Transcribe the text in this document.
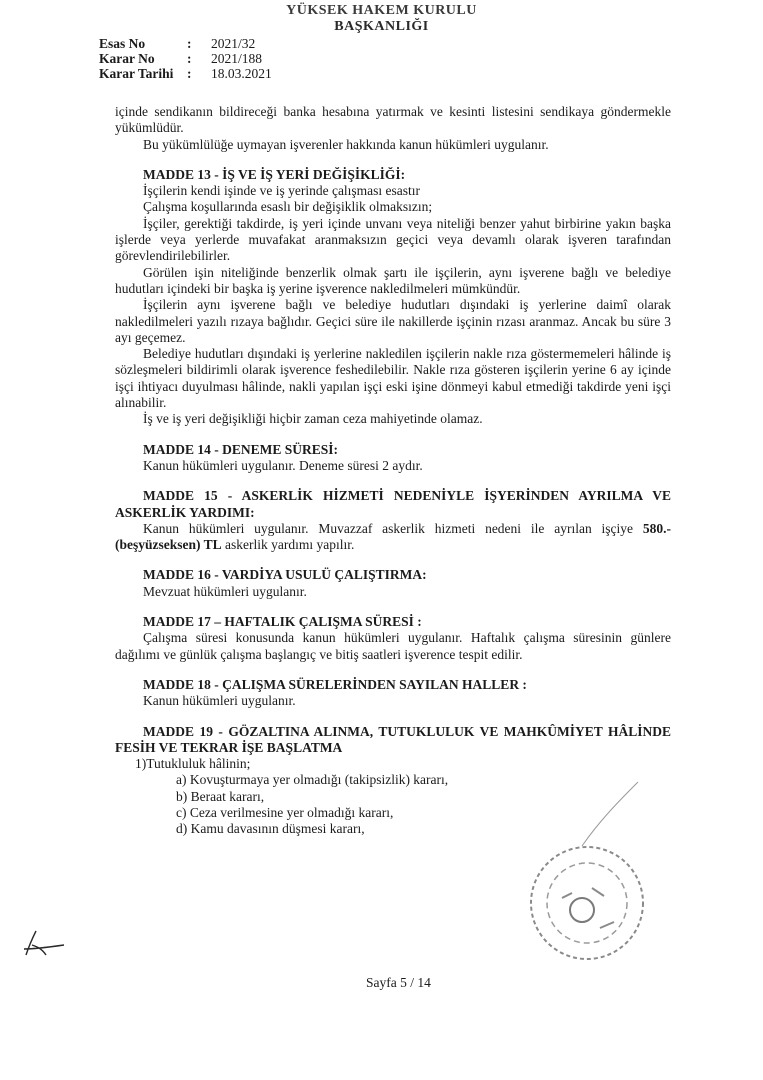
YÜKSEK HAKEM KURULU
BAŞKANLIĞI
Esas No	:	2021/32
Karar No	:	2021/188
Karar Tarihi	:	18.03.2021

içinde sendikanın bildireceği banka hesabına yatırmak ve kesinti listesini sendikaya göndermekle yükümlüdür.

Bu yükümlülüğe uymayan işverenler hakkında kanun hükümleri uygulanır.

MADDE 13 - İŞ VE İŞ YERİ DEĞİŞİKLİĞİ:

İşçilerin kendi işinde ve iş yerinde çalışması esastır

Çalışma koşullarında esaslı bir değişiklik olmaksızın;

İşçiler, gerektiği takdirde, iş yeri içinde unvanı veya niteliği benzer yahut birbirine yakın başka işlerde veya yerlerde muvafakat aranmaksızın geçici veya devamlı olarak işveren tarafından görevlendirilebilirler.

Görülen işin niteliğinde benzerlik olmak şartı ile işçilerin, aynı işverene bağlı ve belediye hudutları içindeki bir başka iş yerine işverence nakledilmeleri mümkündür.

İşçilerin aynı işverene bağlı ve belediye hudutları dışındaki iş yerlerine daimî olarak nakledilmeleri yazılı rızaya bağlıdır. Geçici süre ile nakillerde işçinin rızası aranmaz. Ancak bu süre 3 ayı geçemez.

Belediye hudutları dışındaki iş yerlerine nakledilen işçilerin nakle rıza göstermemeleri hâlinde iş sözleşmeleri bildirimli olarak işverence feshedilebilir. Nakle rıza gösteren işçilerin yerine 6 ay içinde işçi ihtiyacı duyulması hâlinde, nakli yapılan işçi eski işine dönmeyi kabul etmediği takdirde yeni işçi alınabilir.

İş ve iş yeri değişikliği hiçbir zaman ceza mahiyetinde olamaz.

MADDE 14 - DENEME SÜRESİ:

Kanun hükümleri uygulanır. Deneme süresi 2 aydır.

MADDE 15 - ASKERLİK HİZMETİ NEDENİYLE İŞYERİNDEN AYRILMA VE ASKERLİK YARDIMI:

Kanun hükümleri uygulanır. Muvazzaf askerlik hizmeti nedeni ile ayrılan işçiye 580.-(beşyüzseksen) TL askerlik yardımı yapılır.

MADDE 16 - VARDİYA USULÜ ÇALIŞTIRMA:

Mevzuat hükümleri uygulanır.

MADDE 17 – HAFTALIK ÇALIŞMA SÜRESİ :

Çalışma süresi konusunda kanun hükümleri uygulanır. Haftalık çalışma süresinin günlere dağılımı ve günlük çalışma başlangıç ve bitiş saatleri işverence tespit edilir.

MADDE 18 - ÇALIŞMA SÜRELERİNDEN SAYILAN HALLER :

Kanun hükümleri uygulanır.

MADDE 19 - GÖZALTINA ALINMA, TUTUKLULUK VE MAHKÛMİYET HÂLİNDE FESİH VE TEKRAR İŞE BAŞLATMA

1)Tutukluluk hâlinin;

a) Kovuşturmaya yer olmadığı (takipsizlik) kararı,

b) Beraat kararı,

c) Ceza verilmesine yer olmadığı kararı,

d) Kamu davasının düşmesi kararı,

Sayfa 5 / 14
